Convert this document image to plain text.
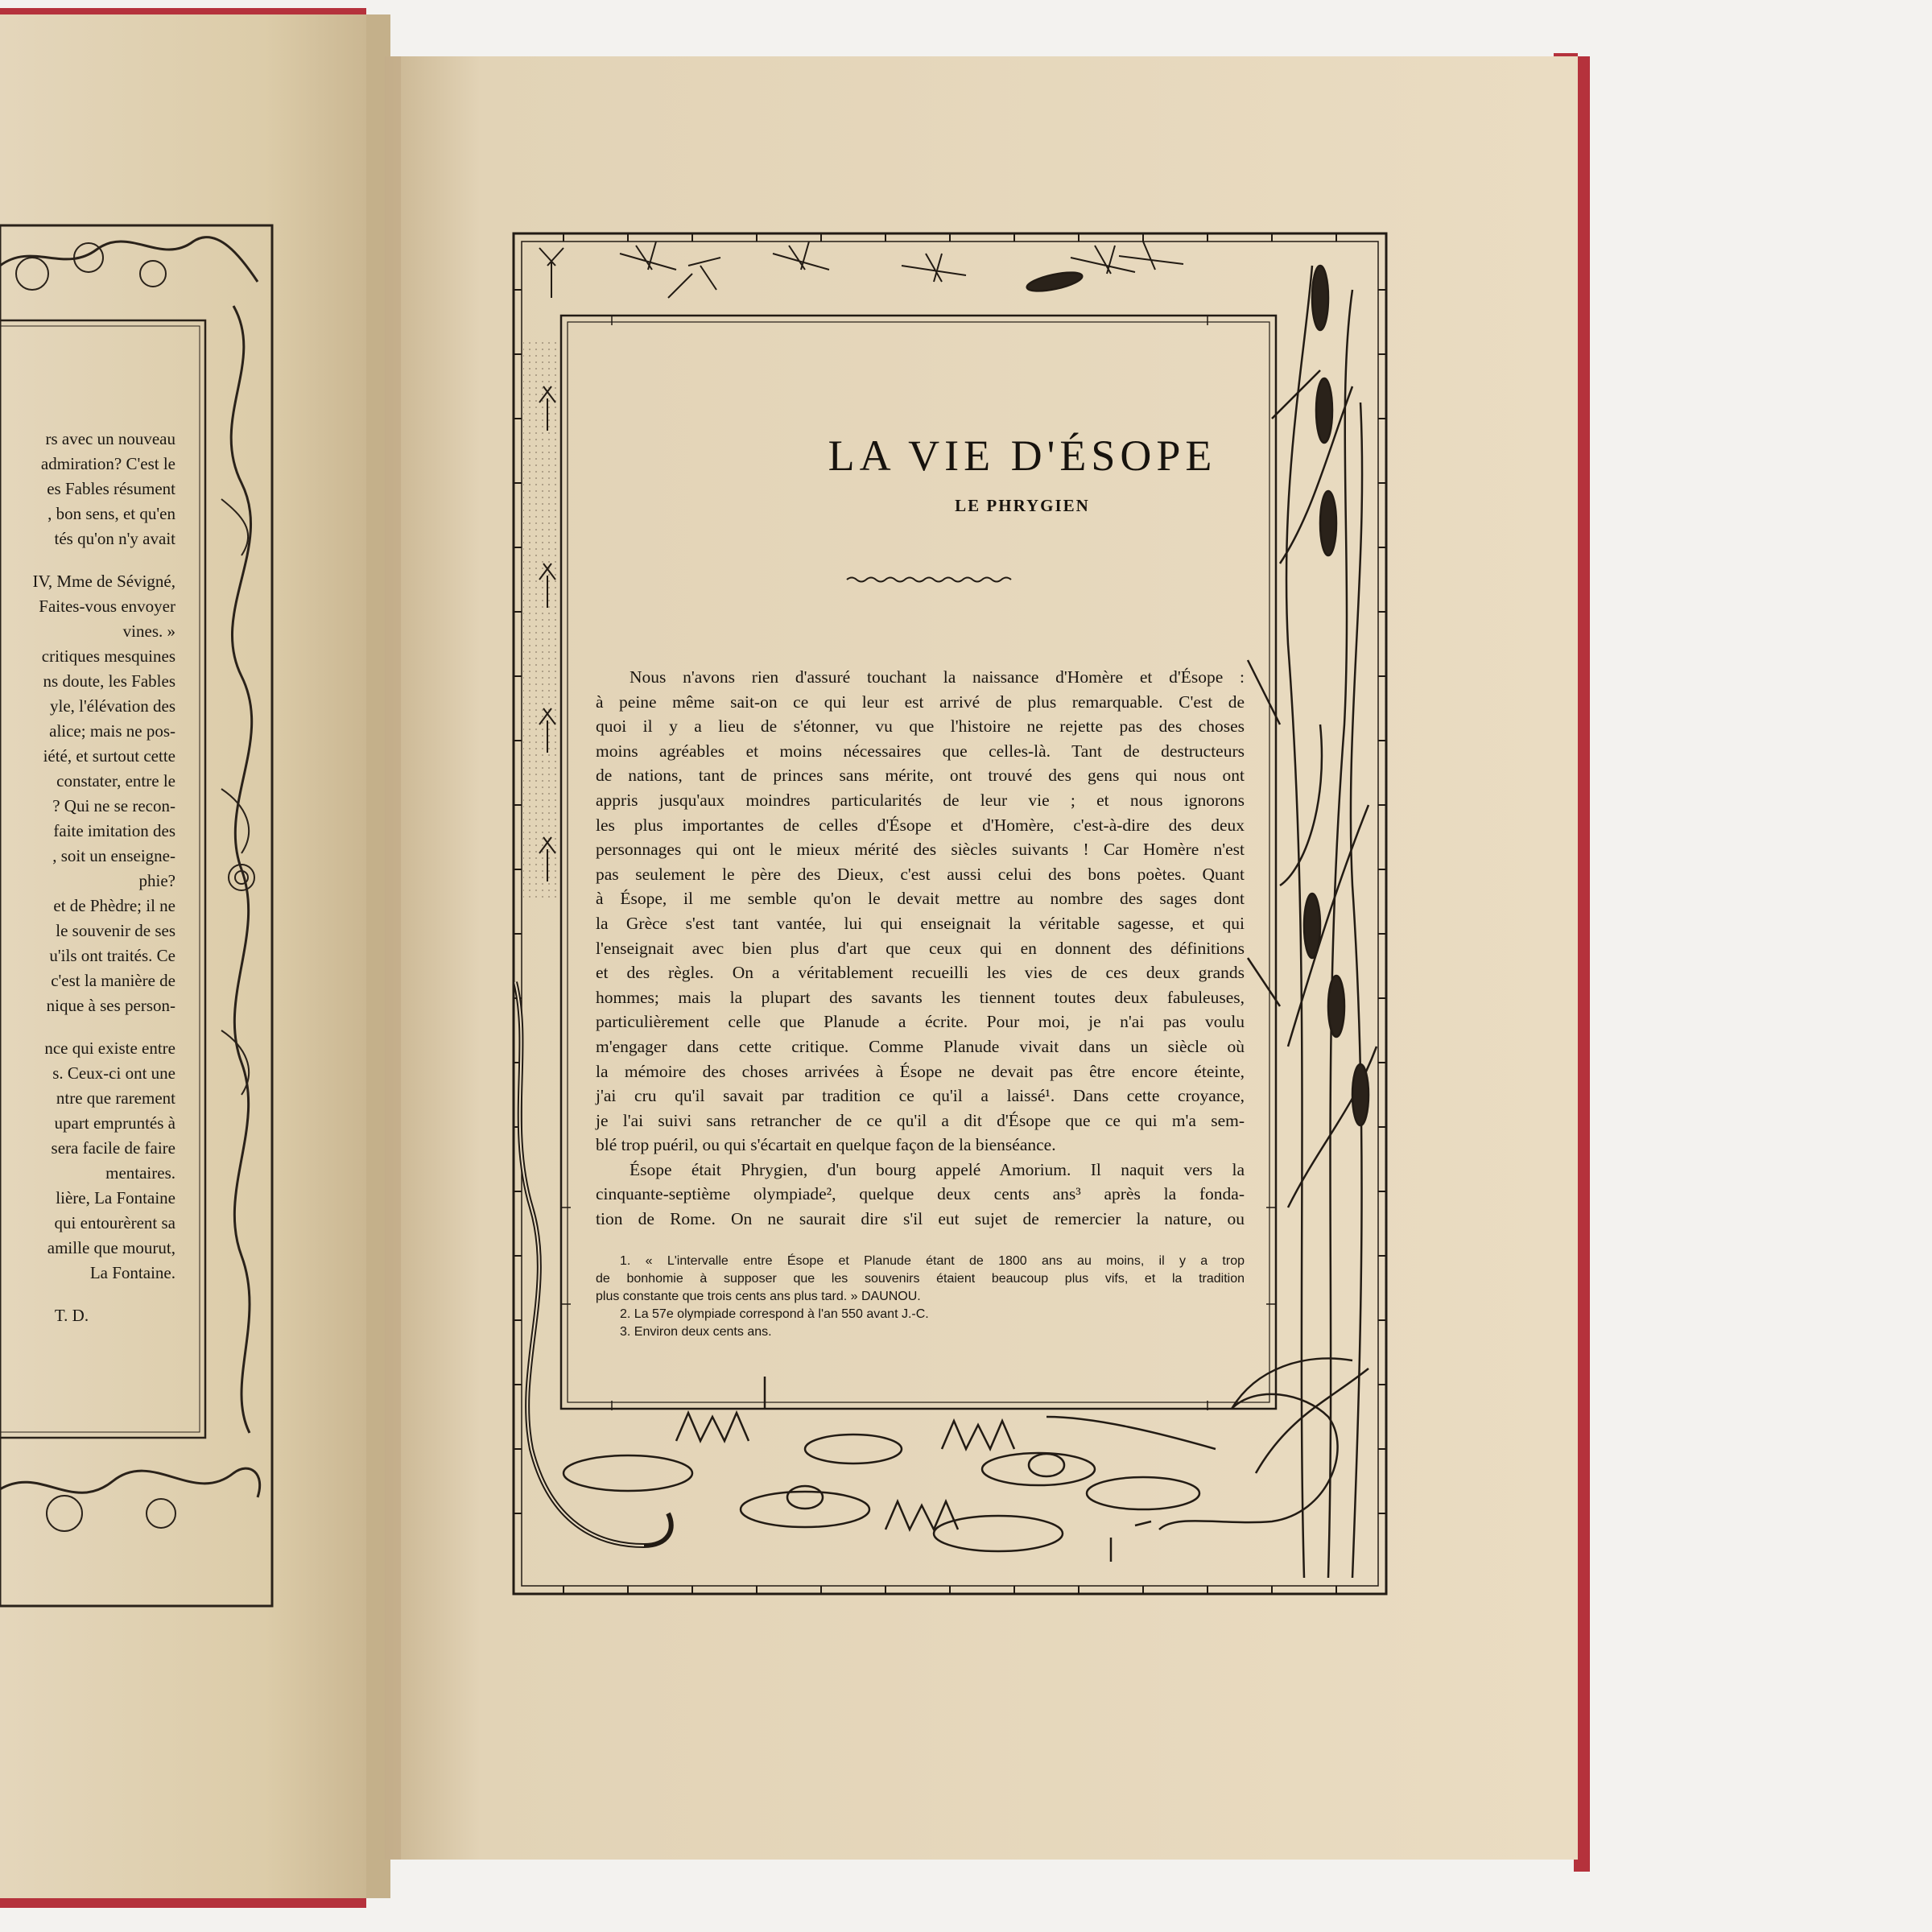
rs avec un nouveau
admiration? C'est le
es Fables résument
, bon sens, et qu'en
tés qu'on n'y avait
IV, Mme de Sévigné,
Faites-vous envoyer
vines. »
critiques mesquines
ns doute, les Fables
yle, l'élévation des
alice; mais ne pos-
iété, et surtout cette
constater, entre le
? Qui ne se recon-
faite imitation des
, soit un enseigne-
phie?
et de Phèdre; il ne
le souvenir de ses
u'ils ont traités. Ce
c'est la manière de
nique à ses person-
nce qui existe entre
s. Ceux-ci ont une
ntre que rarement
upart empruntés à
sera facile de faire
mentaires.
lière, La Fontaine
qui entourèrent sa
amille que mourut,
La Fontaine.
T. D.
LA VIE D'ÉSOPE
LE PHRYGIEN
Nous n'avons rien d'assuré touchant la naissance d'Homère et d'Ésope :
à peine même sait-on ce qui leur est arrivé de plus remarquable. C'est de
quoi il y a lieu de s'étonner, vu que l'histoire ne rejette pas des choses
moins agréables et moins nécessaires que celles-là. Tant de destructeurs
de nations, tant de princes sans mérite, ont trouvé des gens qui nous ont
appris jusqu'aux moindres particularités de leur vie ; et nous ignorons
les plus importantes de celles d'Ésope et d'Homère, c'est-à-dire des deux
personnages qui ont le mieux mérité des siècles suivants ! Car Homère n'est
pas seulement le père des Dieux, c'est aussi celui des bons poètes. Quant
à Ésope, il me semble qu'on le devait mettre au nombre des sages dont
la Grèce s'est tant vantée, lui qui enseignait la véritable sagesse, et qui
l'enseignait avec bien plus d'art que ceux qui en donnent des définitions
et des règles. On a véritablement recueilli les vies de ces deux grands
hommes; mais la plupart des savants les tiennent toutes deux fabuleuses,
particulièrement celle que Planude a écrite. Pour moi, je n'ai pas voulu
m'engager dans cette critique. Comme Planude vivait dans un siècle où
la mémoire des choses arrivées à Ésope ne devait pas être encore éteinte,
j'ai cru qu'il savait par tradition ce qu'il a laissé¹. Dans cette croyance,
je l'ai suivi sans retrancher de ce qu'il a dit d'Ésope que ce qui m'a sem-
blé trop puéril, ou qui s'écartait en quelque façon de la bienséance.
Ésope était Phrygien, d'un bourg appelé Amorium. Il naquit vers la
cinquante-septième olympiade², quelque deux cents ans³ après la fonda-
tion de Rome. On ne saurait dire s'il eut sujet de remercier la nature, ou
1. « L'intervalle entre Ésope et Planude étant de 1800 ans au moins, il y a trop
de bonhomie à supposer que les souvenirs étaient beaucoup plus vifs, et la tradition
plus constante que trois cents ans plus tard. » DAUNOU.
2. La 57e olympiade correspond à l'an 550 avant J.-C.
3. Environ deux cents ans.
